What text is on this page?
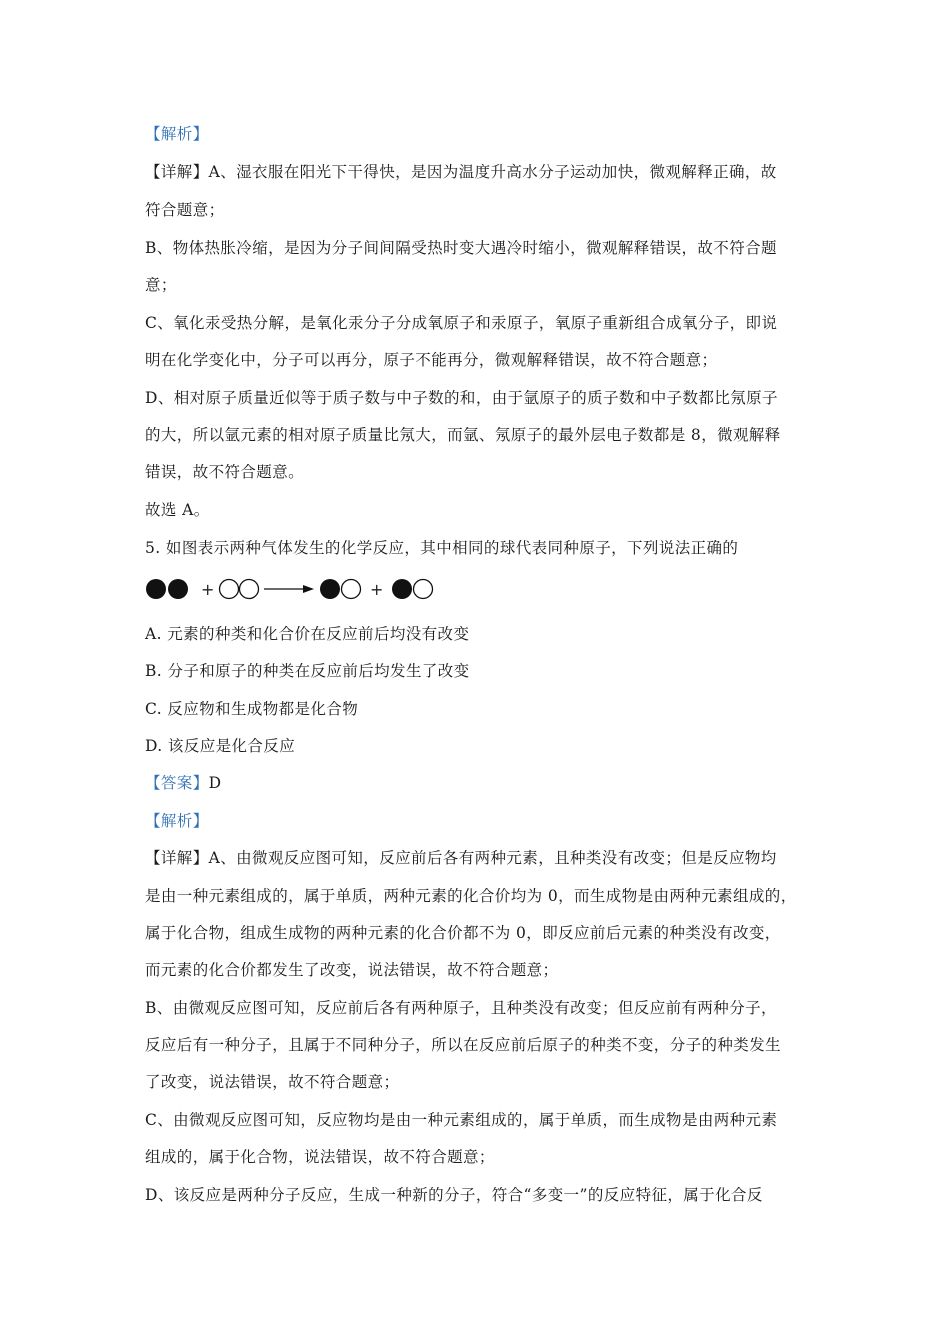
【解析】
【详解】A、湿衣服在阳光下干得快，是因为温度升高水分子运动加快，微观解释正确，故
符合题意；
B、物体热胀冷缩，是因为分子间间隔受热时变大遇冷时缩小，微观解释错误，故不符合题
意；
C、氧化汞受热分解，是氧化汞分子分成氧原子和汞原子，氧原子重新组合成氧分子，即说
明在化学变化中，分子可以再分，原子不能再分，微观解释错误，故不符合题意；
D、相对原子质量近似等于质子数与中子数的和，由于氩原子的质子数和中子数都比氖原子
的大，所以氩元素的相对原子质量比氖大，而氩、氖原子的最外层电子数都是 8，微观解释
错误，故不符合题意。
故选 A。
5. 如图表示两种气体发生的化学反应，其中相同的球代表同种原子，下列说法正确的
+	+
A. 元素的种类和化合价在反应前后均没有改变
B. 分子和原子的种类在反应前后均发生了改变
C. 反应物和生成物都是化合物
D. 该反应是化合反应
【答案】D
【解析】
【详解】A、由微观反应图可知，反应前后各有两种元素，且种类没有改变；但是反应物均
是由一种元素组成的，属于单质，两种元素的化合价均为 0，而生成物是由两种元素组成的，
属于化合物，组成生成物的两种元素的化合价都不为 0，即反应前后元素的种类没有改变，
而元素的化合价都发生了改变，说法错误，故不符合题意；
B、由微观反应图可知，反应前后各有两种原子，且种类没有改变；但反应前有两种分子，
反应后有一种分子，且属于不同种分子，所以在反应前后原子的种类不变，分子的种类发生
了改变，说法错误，故不符合题意；
C、由微观反应图可知，反应物均是由一种元素组成的，属于单质，而生成物是由两种元素
组成的，属于化合物，说法错误，故不符合题意；
D、该反应是两种分子反应，生成一种新的分子，符合“多变一”的反应特征，属于化合反
